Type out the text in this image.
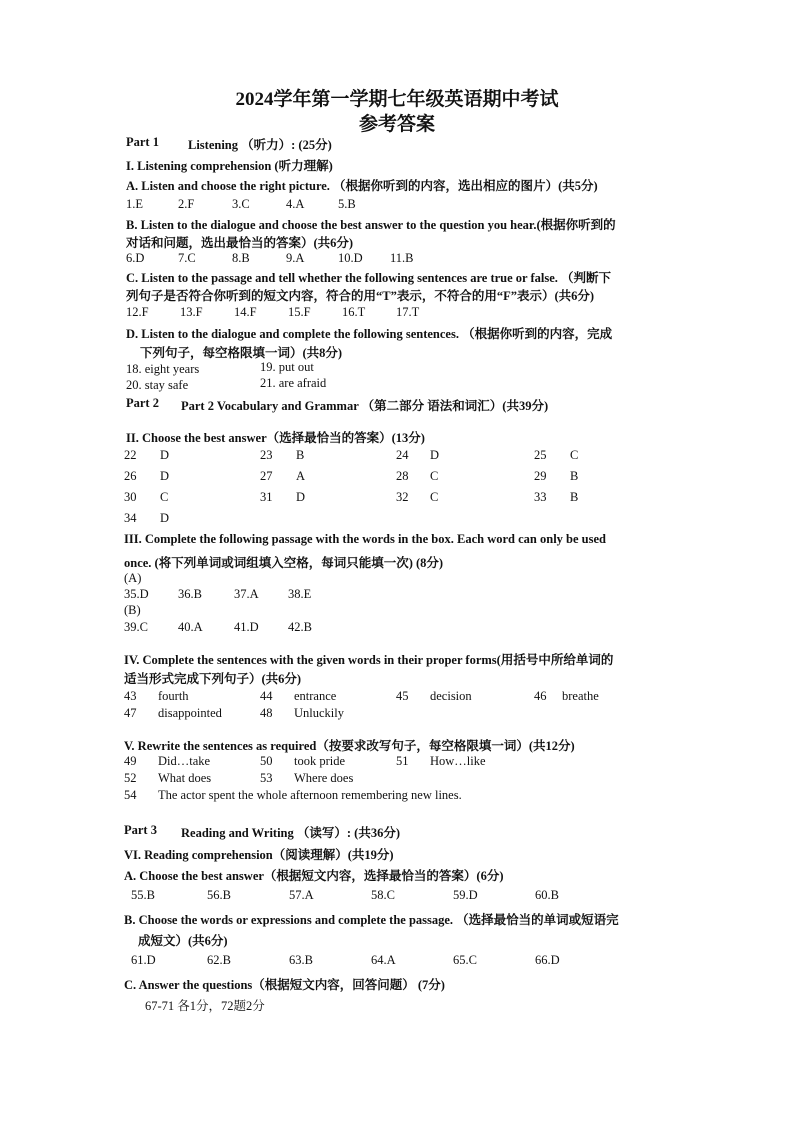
2024学年第一学期七年级英语期中考试
参考答案
Part 1 Listening （听力）: (25分)
I. Listening comprehension (听力理解)
A. Listen and choose the right picture. （根据你听到的内容，选出相应的图片）(共5分)
1.E	2.F	3.C	4.A	5.B
B. Listen to the dialogue and choose the best answer to the question you hear.(根据你听到的
对话和问题，选出最恰当的答案）(共6分)
6.D	7.C	8.B	9.A	10.D	11.B
C. Listen to the passage and tell whether the following sentences are true or false. （判断下
列句子是否符合你听到的短文内容，符合的用“T”表示，不符合的用“F”表示）(共6分)
12.F	13.F	14.F	15.F	16.T	17.T
D. Listen to the dialogue and complete the following sentences. （根据你听到的内容，完成
下列句子，每空格限填一词）(共8分)
18. eight years	19. put out
20. stay safe	21. are afraid
Part 2 Part 2 Vocabulary and Grammar （第二部分 语法和词汇）(共39分)
II. Choose the best answer（选择最恰当的答案）(13分)
22	D	23	B	24	D	25	C
26	D	27	A	28	C	29	B
30	C	31	D	32	C	33	B
34	D
III. Complete the following passage with the words in the box. Each word can only be used
once. (将下列单词或词组填入空格，每词只能填一次) (8分)
(A)
35.D	36.B	37.A	38.E
(B)
39.C	40.A	41.D	42.B
IV. Complete the sentences with the given words in their proper forms(用括号中所给单词的
适当形式完成下列句子）(共6分)
43	fourth	44	entrance	45	decision	46	breathe
47	disappointed	48	Unluckily
V. Rewrite the sentences as required（按要求改写句子，每空格限填一词）(共12分)
49	Did…take	50	took pride	51	How…like
52	What does	53	Where does
54	The actor spent the whole afternoon remembering new lines.
Part 3 Reading and Writing （读写）: (共36分)
VI. Reading comprehension（阅读理解）(共19分)
A. Choose the best answer（根据短文内容，选择最恰当的答案）(6分)
55.B	56.B	57.A	58.C	59.D	60.B
B. Choose the words or expressions and complete the passage. （选择最恰当的单词或短语完
成短文）(共6分)
61.D	62.B	63.B	64.A	65.C	66.D
C. Answer the questions（根据短文内容，回答问题） (7分)
67-71 各1分，72题2分
